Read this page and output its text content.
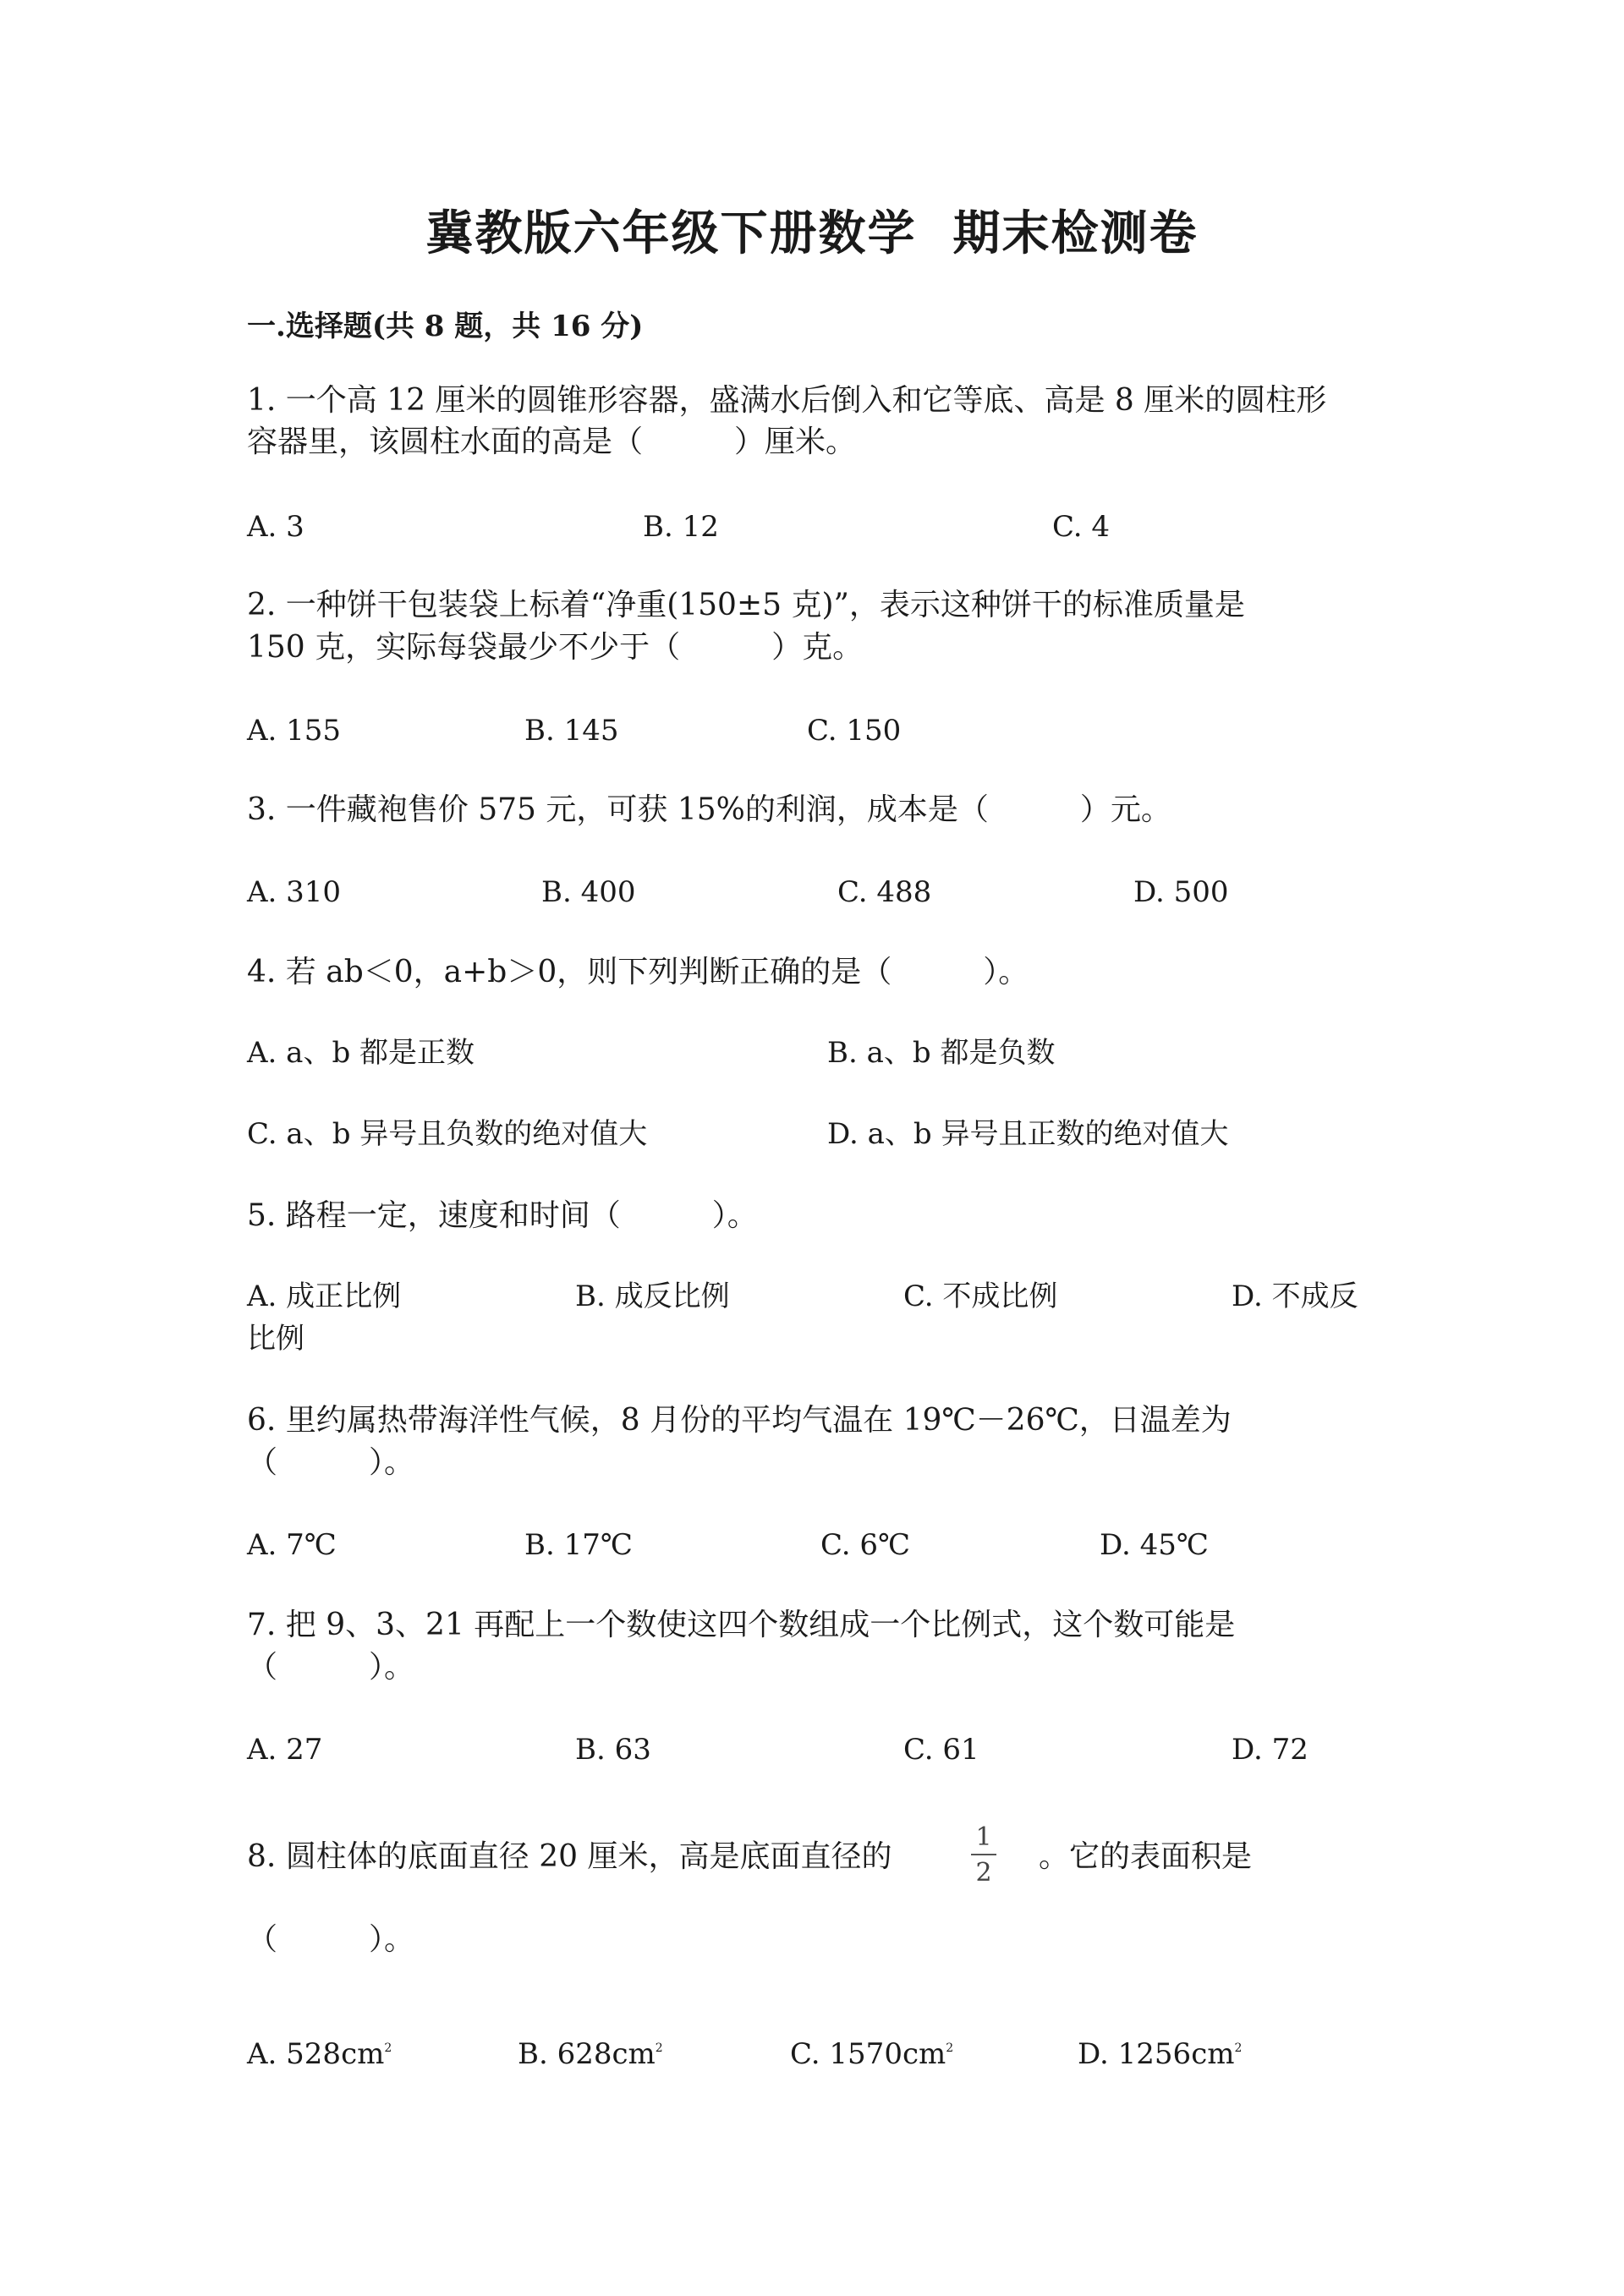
冀教版六年级下册数学  期末检测卷
一.选择题(共 8 题，共 16 分)
1. 一个高 12 厘米的圆锥形容器，盛满水后倒入和它等底、高是 8 厘米的圆柱形
容器里，该圆柱水面的高是（　　　）厘米。
A. 3	B. 12	C. 4
2. 一种饼干包装袋上标着“净重(150±5 克)”，表示这种饼干的标准质量是
150 克，实际每袋最少不少于（　　　）克。
A. 155	B. 145	C. 150
3. 一件藏袍售价 575 元，可获 15%的利润，成本是（　　　）元。
A. 310	B. 400	C. 488	D. 500
4. 若 ab＜0，a+b＞0，则下列判断正确的是（　　　）。
A. a、b 都是正数	B. a、b 都是负数
C. a、b 异号且负数的绝对值大	D. a、b 异号且正数的绝对值大
5. 路程一定，速度和时间（　　　）。
A. 成正比例	B. 成反比例	C. 不成比例	D. 不成反
比例
6. 里约属热带海洋性气候，8 月份的平均气温在 19℃－26℃，日温差为
（　　　）。
A. 7℃	B. 17℃	C. 6℃	D. 45℃
7. 把 9、3、21 再配上一个数使这四个数组成一个比例式，这个数可能是
（　　　）。
A. 27	B. 63	C. 61	D. 72
8. 圆柱体的底面直径 20 厘米，高是底面直径的	$\frac{1}{2}$ 。它的表面积是
（　　　）。
A. $528cm^2$	B. $628cm^2$	C. $1570cm^2$	D. $1256cm^2$
